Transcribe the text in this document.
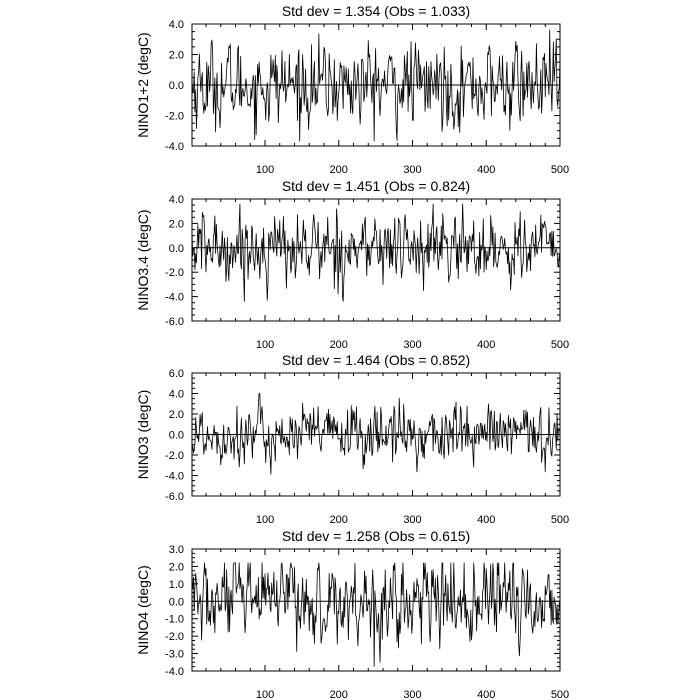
Std dev = 1.354 (Obs = 1.033)
NINO1+2 (degC)
100	200	300	400	500
-4.0
-2.0
0.0
2.0
4.0
Std dev = 1.451 (Obs = 0.824)
NINO3.4 (degC)
100	200	300	400	500
-6.0
-4.0
-2.0
0.0
2.0
4.0
Std dev = 1.464 (Obs = 0.852)
NINO3 (degC)
100	200	300	400	500
-6.0
-4.0
-2.0
0.0
2.0
4.0
6.0
Std dev = 1.258 (Obs = 0.615)
NINO4 (degC)
100	200	300	400	500
-4.0
-3.0
-2.0
-1.0
0.0
1.0
2.0
3.0
